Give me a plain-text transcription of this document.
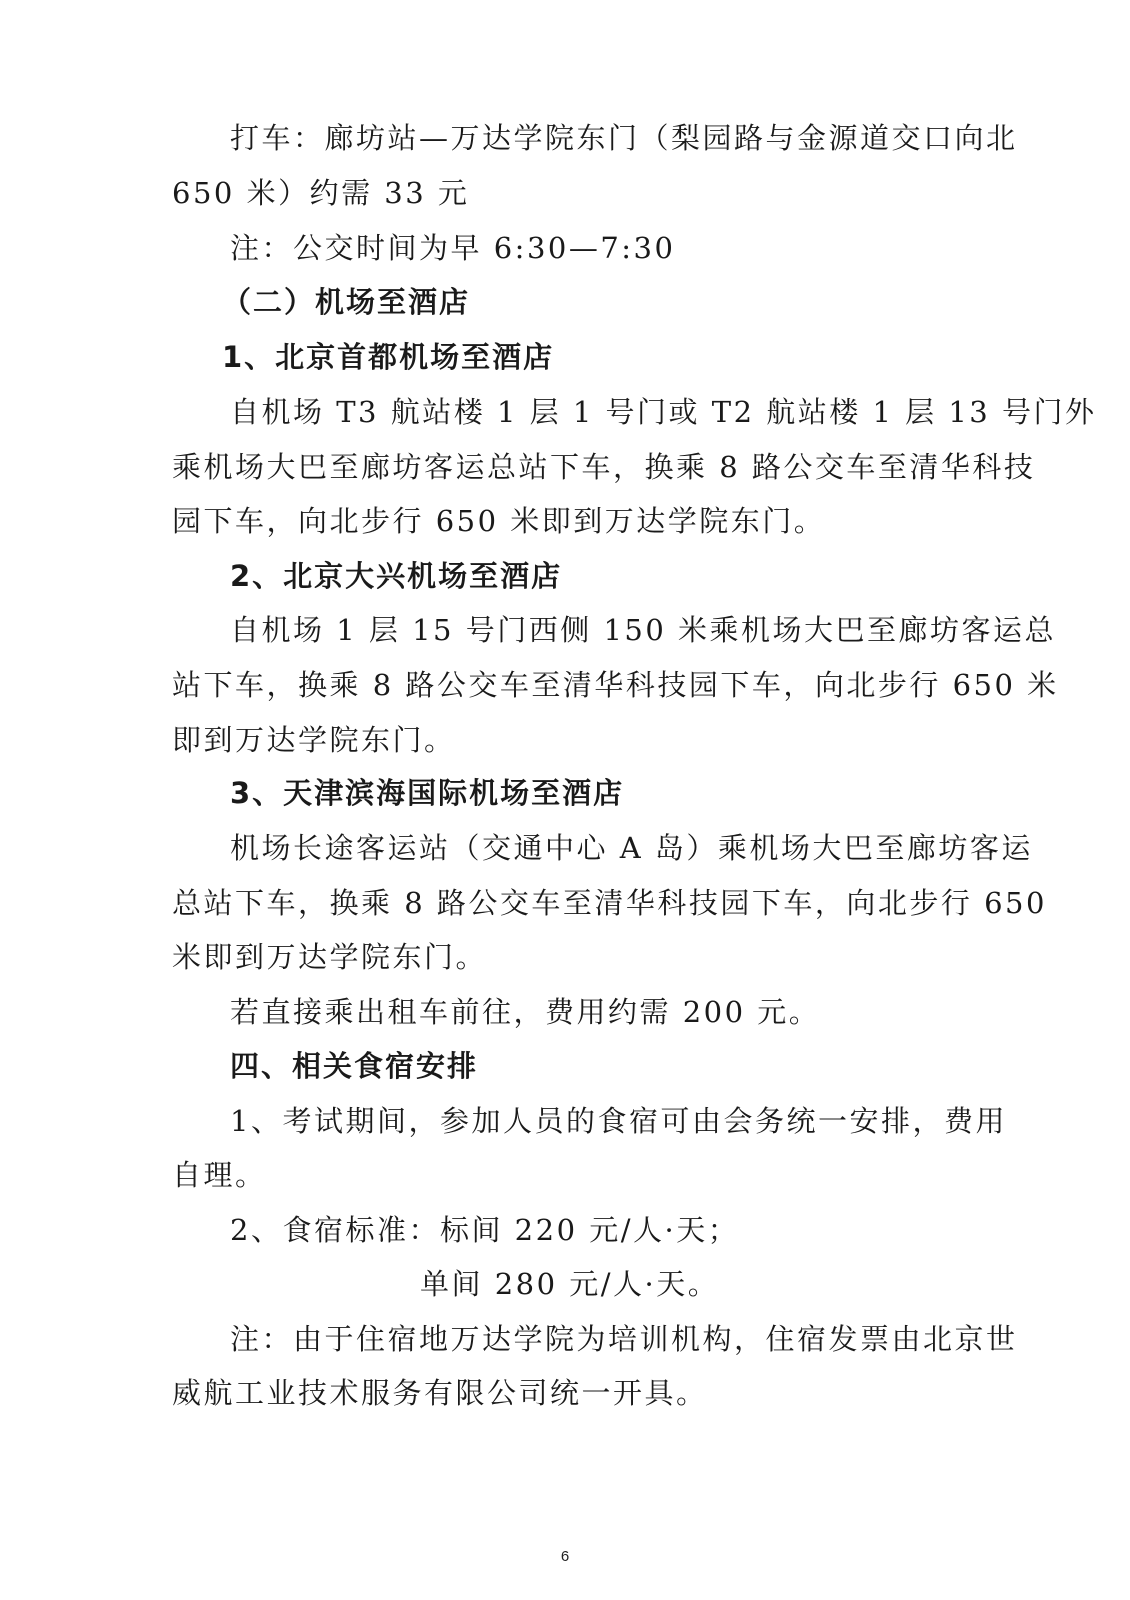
打车：廊坊站—万达学院东门（梨园路与金源道交口向北
650 米）约需 33 元
注：公交时间为早 6:30—7:30
（二）机场至酒店
1、北京首都机场至酒店
自机场 T3 航站楼 1 层 1 号门或 T2 航站楼 1 层 13 号门外
乘机场大巴至廊坊客运总站下车，换乘 8 路公交车至清华科技
园下车，向北步行 650 米即到万达学院东门。
2、北京大兴机场至酒店
自机场 1 层 15 号门西侧 150 米乘机场大巴至廊坊客运总
站下车，换乘 8 路公交车至清华科技园下车，向北步行 650 米
即到万达学院东门。
3、天津滨海国际机场至酒店
机场长途客运站（交通中心 A 岛）乘机场大巴至廊坊客运
总站下车，换乘 8 路公交车至清华科技园下车，向北步行 650
米即到万达学院东门。
若直接乘出租车前往，费用约需 200 元。
四、相关食宿安排
1、考试期间，参加人员的食宿可由会务统一安排，费用
自理。
2、食宿标准：标间 220 元/人·天；
单间 280 元/人·天。
注：由于住宿地万达学院为培训机构，住宿发票由北京世
威航工业技术服务有限公司统一开具。
6
